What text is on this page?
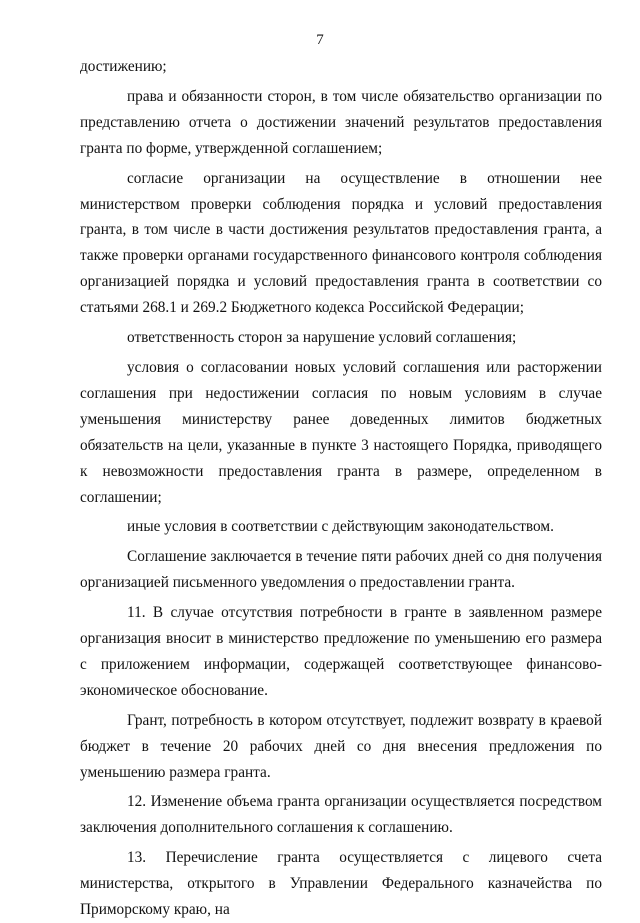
7

достижению;

права и обязанности сторон, в том числе обязательство организации по представлению отчета о достижении значений результатов предоставления гранта по форме, утвержденной соглашением;

согласие организации на осуществление в отношении нее министерством проверки соблюдения порядка и условий предоставления гранта, в том числе в части достижения результатов предоставления гранта, а также проверки органами государственного финансового контроля соблюдения организацией порядка и условий предоставления гранта в соответствии со статьями 268.1 и 269.2 Бюджетного кодекса Российской Федерации;

ответственность сторон за нарушение условий соглашения;

условия о согласовании новых условий соглашения или расторжении соглашения при недостижении согласия по новым условиям в случае уменьшения министерству ранее доведенных лимитов бюджетных обязательств на цели, указанные в пункте 3 настоящего Порядка, приводящего к невозможности предоставления гранта в размере, определенном в соглашении;

иные условия в соответствии с действующим законодательством.

Соглашение заключается в течение пяти рабочих дней со дня получения организацией письменного уведомления о предоставлении гранта.

11. В случае отсутствия потребности в гранте в заявленном размере организация вносит в министерство предложение по уменьшению его размера с приложением информации, содержащей соответствующее финансово-экономическое обоснование.

Грант, потребность в котором отсутствует, подлежит возврату в краевой бюджет в течение 20 рабочих дней со дня внесения предложения по уменьшению размера гранта.

12. Изменение объема гранта организации осуществляется посредством заключения дополнительного соглашения к соглашению.

13. Перечисление гранта осуществляется с лицевого счета министерства, открытого в Управлении Федерального казначейства по Приморскому краю, на
